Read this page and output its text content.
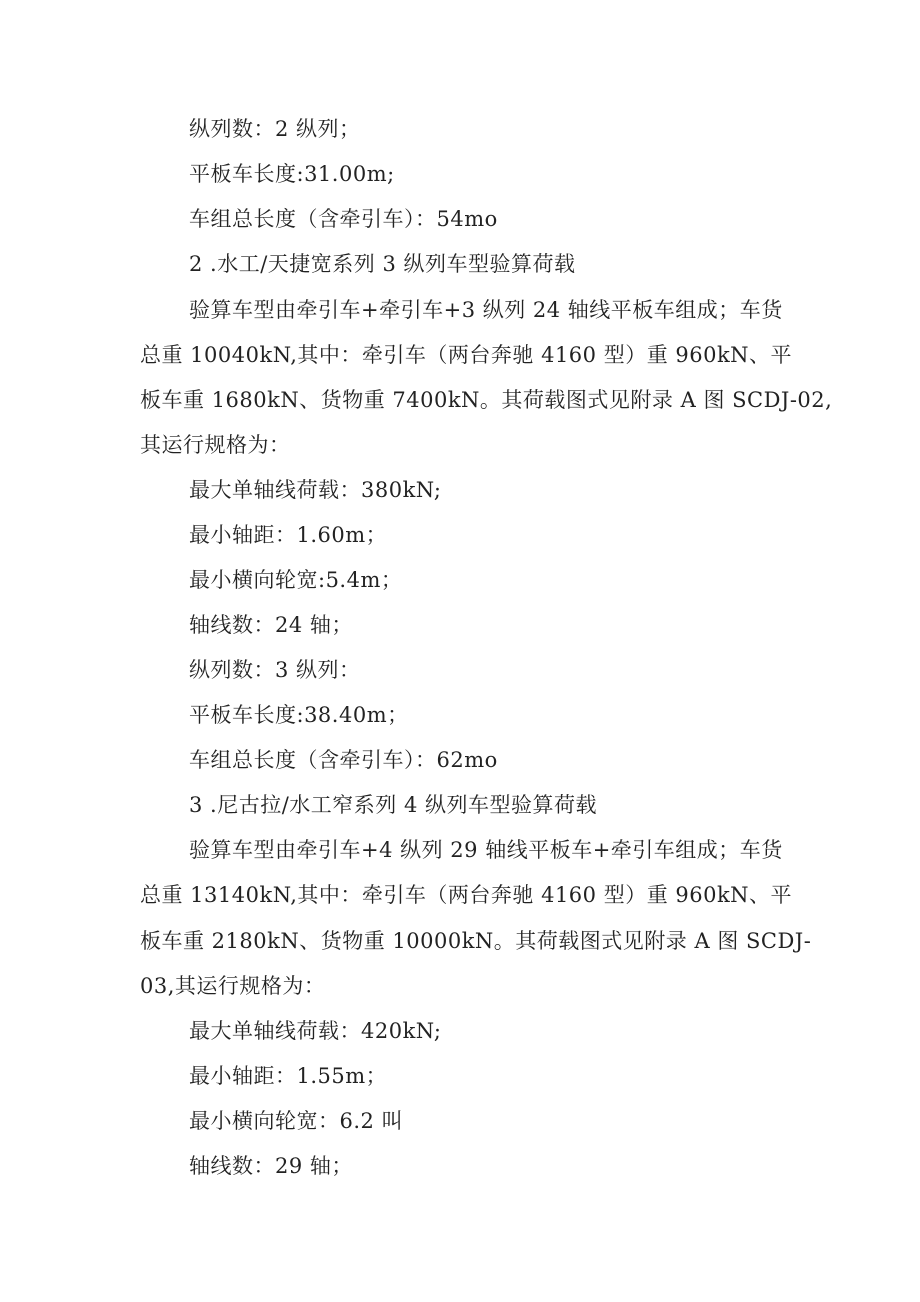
纵列数：2 纵列；
平板车长度:31.00m;
车组总长度（含牵引车）：54mo
2 .水工/天捷宽系列 3 纵列车型验算荷载
验算车型由牵引车+牵引车+3 纵列 24 轴线平板车组成；车货
总重 10040kN,其中：牵引车（两台奔驰 4160 型）重 960kN、平
板车重 1680kN、货物重 7400kN。其荷载图式见附录 A 图 SCDJ-02,
其运行规格为：
最大单轴线荷载：380kN;
最小轴距：1.60m；
最小横向轮宽:5.4m；
轴线数：24 轴；
纵列数：3 纵列：
平板车长度:38.40m；
车组总长度（含牵引车）：62mo
3 .尼古拉/水工窄系列 4 纵列车型验算荷载
验算车型由牵引车+4 纵列 29 轴线平板车+牵引车组成；车货
总重 13140kN,其中：牵引车（两台奔驰 4160 型）重 960kN、平
板车重 2180kN、货物重 10000kN。其荷载图式见附录 A 图 SCDJ-
03,其运行规格为：
最大单轴线荷载：420kN;
最小轴距：1.55m；
最小横向轮宽：6.2 叫
轴线数：29 轴；
